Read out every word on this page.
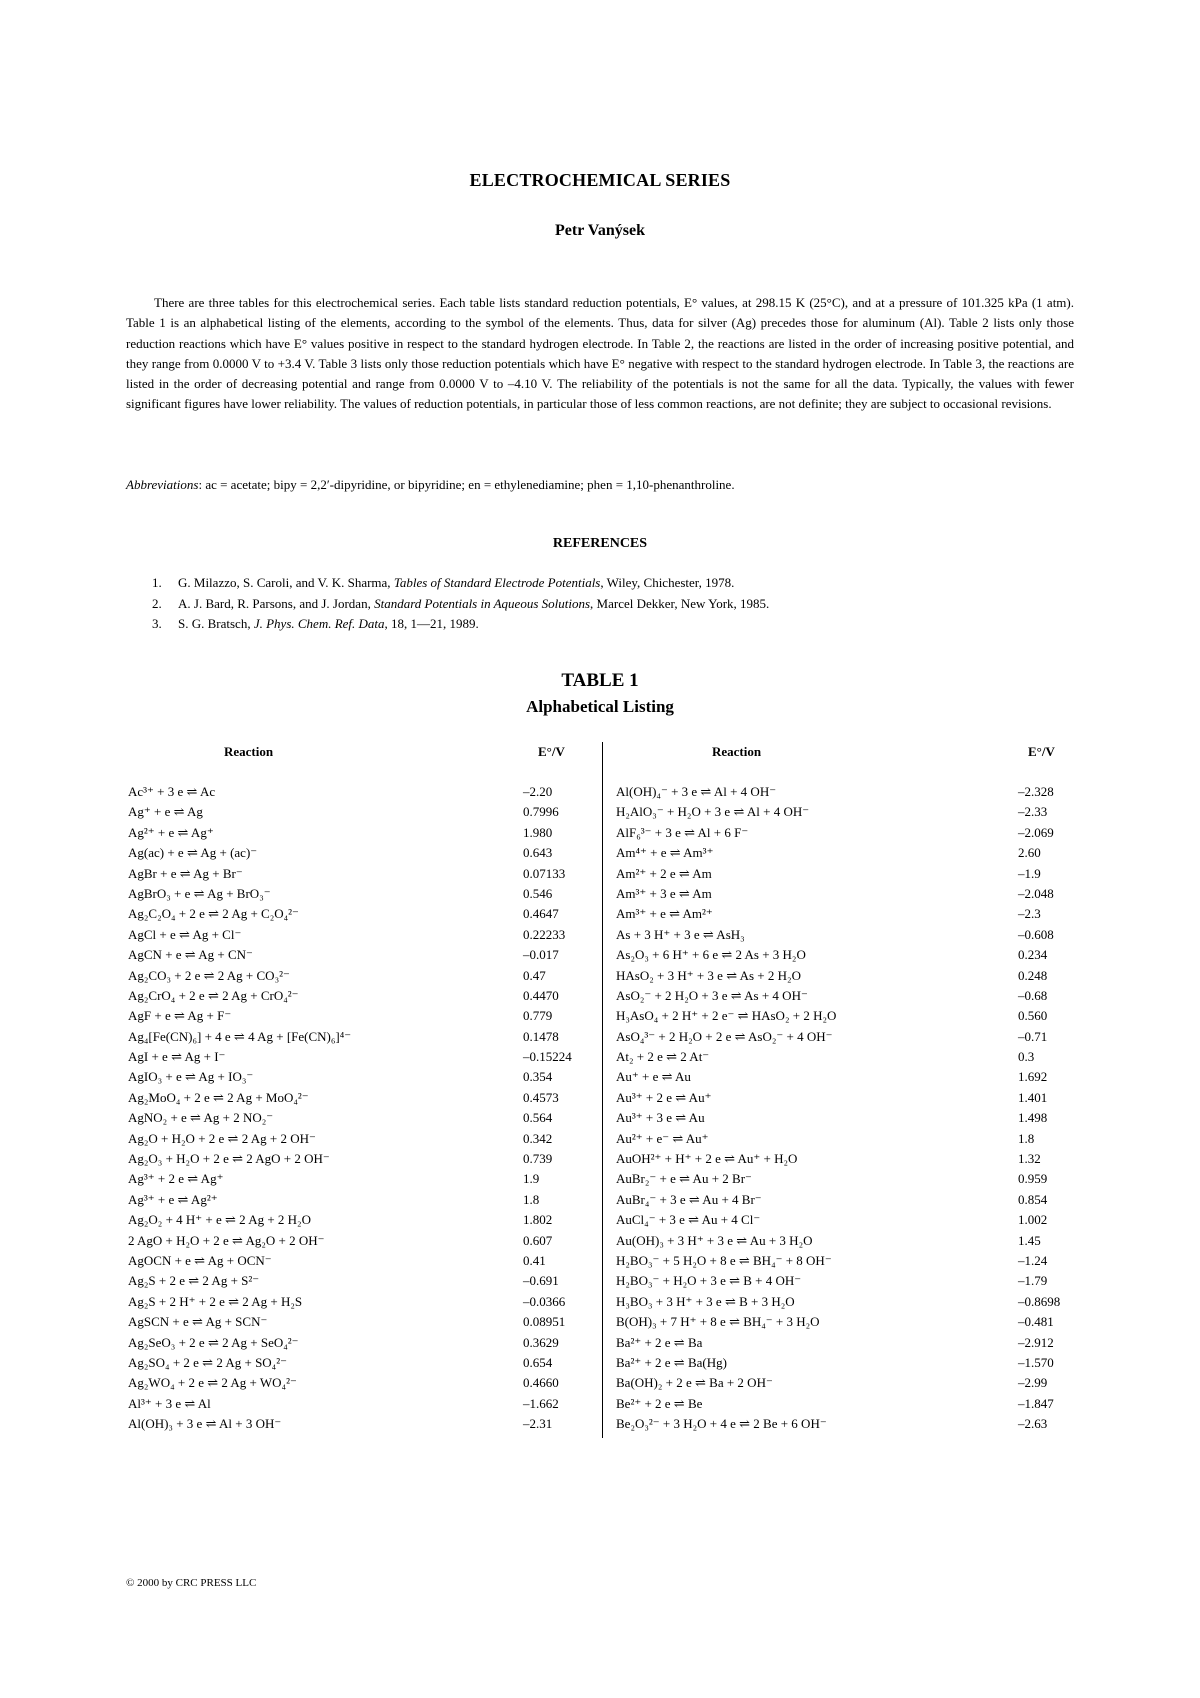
ELECTROCHEMICAL SERIES
Petr Vanýsek

There are three tables for this electrochemical series. Each table lists standard reduction potentials, E° values, at 298.15 K (25°C), and at a pressure of 101.325 kPa (1 atm). Table 1 is an alphabetical listing of the elements, according to the symbol of the elements. Thus, data for silver (Ag) precedes those for aluminum (Al). Table 2 lists only those reduction reactions which have E° values positive in respect to the standard hydrogen electrode. In Table 2, the reactions are listed in the order of increasing positive potential, and they range from 0.0000 V to +3.4 V. Table 3 lists only those reduction potentials which have E° negative with respect to the standard hydrogen electrode. In Table 3, the reactions are listed in the order of decreasing potential and range from 0.0000 V to –4.10 V. The reliability of the potentials is not the same for all the data. Typically, the values with fewer significant figures have lower reliability. The values of reduction potentials, in particular those of less common reactions, are not definite; they are subject to occasional revisions.

Abbreviations: ac = acetate; bipy = 2,2′-dipyridine, or bipyridine; en = ethylenediamine; phen = 1,10-phenanthroline.
REFERENCES
1. G. Milazzo, S. Caroli, and V. K. Sharma, Tables of Standard Electrode Potentials, Wiley, Chichester, 1978.
2. A. J. Bard, R. Parsons, and J. Jordan, Standard Potentials in Aqueous Solutions, Marcel Dekker, New York, 1985.
3. S. G. Bratsch, J. Phys. Chem. Ref. Data, 18, 1—21, 1989.
TABLE 1
Alphabetical Listing
Reaction	E°/V	Reaction	E°/V
Ac³⁺ + 3 e ⇌ Ac	–2.20
Ag⁺ + e ⇌ Ag	0.7996
Ag²⁺ + e ⇌ Ag⁺	1.980
Ag(ac) + e ⇌ Ag + (ac)⁻	0.643
AgBr + e ⇌ Ag + Br⁻	0.07133
AgBrO₃ + e ⇌ Ag + BrO₃⁻	0.546
Ag₂C₂O₄ + 2 e ⇌ 2 Ag + C₂O₄²⁻	0.4647
AgCl + e ⇌ Ag + Cl⁻	0.22233
AgCN + e ⇌ Ag + CN⁻	–0.017
Ag₂CO₃ + 2 e ⇌ 2 Ag + CO₃²⁻	0.47
Ag₂CrO₄ + 2 e ⇌ 2 Ag + CrO₄²⁻	0.4470
AgF + e ⇌ Ag + F⁻	0.779
Ag₄[Fe(CN)₆] + 4 e ⇌ 4 Ag + [Fe(CN)₆]⁴⁻	0.1478
AgI + e ⇌ Ag + I⁻	–0.15224
AgIO₃ + e ⇌ Ag + IO₃⁻	0.354
Ag₂MoO₄ + 2 e ⇌ 2 Ag + MoO₄²⁻	0.4573
AgNO₂ + e ⇌ Ag + 2 NO₂⁻	0.564
Ag₂O + H₂O + 2 e ⇌ 2 Ag + 2 OH⁻	0.342
Ag₂O₃ + H₂O + 2 e ⇌ 2 AgO + 2 OH⁻	0.739
Ag³⁺ + 2 e ⇌ Ag⁺	1.9
Ag³⁺ + e ⇌ Ag²⁺	1.8
Ag₂O₂ + 4 H⁺ + e ⇌ 2 Ag + 2 H₂O	1.802
2 AgO + H₂O + 2 e ⇌ Ag₂O + 2 OH⁻	0.607
AgOCN + e ⇌ Ag + OCN⁻	0.41
Ag₂S + 2 e ⇌ 2 Ag + S²⁻	–0.691
Ag₂S + 2 H⁺ + 2 e ⇌ 2 Ag + H₂S	–0.0366
AgSCN + e ⇌ Ag + SCN⁻	0.08951
Ag₂SeO₃ + 2 e ⇌ 2 Ag + SeO₄²⁻	0.3629
Ag₂SO₄ + 2 e ⇌ 2 Ag + SO₄²⁻	0.654
Ag₂WO₄ + 2 e ⇌ 2 Ag + WO₄²⁻	0.4660
Al³⁺ + 3 e ⇌ Al	–1.662
Al(OH)₃ + 3 e ⇌ Al + 3 OH⁻	–2.31
Al(OH)₄⁻ + 3 e ⇌ Al + 4 OH⁻	–2.328
H₂AlO₃⁻ + H₂O + 3 e ⇌ Al + 4 OH⁻	–2.33
AlF₆³⁻ + 3 e ⇌ Al + 6 F⁻	–2.069
Am⁴⁺ + e ⇌ Am³⁺	2.60
Am²⁺ + 2 e ⇌ Am	–1.9
Am³⁺ + 3 e ⇌ Am	–2.048
Am³⁺ + e ⇌ Am²⁺	–2.3
As + 3 H⁺ + 3 e ⇌ AsH₃	–0.608
As₂O₃ + 6 H⁺ + 6 e ⇌ 2 As + 3 H₂O	0.234
HAsO₂ + 3 H⁺ + 3 e ⇌ As + 2 H₂O	0.248
AsO₂⁻ + 2 H₂O + 3 e ⇌ As + 4 OH⁻	–0.68
H₃AsO₄ + 2 H⁺ + 2 e⁻ ⇌ HAsO₂ + 2 H₂O	0.560
AsO₄³⁻ + 2 H₂O + 2 e ⇌ AsO₂⁻ + 4 OH⁻	–0.71
At₂ + 2 e ⇌ 2 At⁻	0.3
Au⁺ + e ⇌ Au	1.692
Au³⁺ + 2 e ⇌ Au⁺	1.401
Au³⁺ + 3 e ⇌ Au	1.498
Au²⁺ + e⁻ ⇌ Au⁺	1.8
AuOH²⁺ + H⁺ + 2 e ⇌ Au⁺ + H₂O	1.32
AuBr₂⁻ + e ⇌ Au + 2 Br⁻	0.959
AuBr₄⁻ + 3 e ⇌ Au + 4 Br⁻	0.854
AuCl₄⁻ + 3 e ⇌ Au + 4 Cl⁻	1.002
Au(OH)₃ + 3 H⁺ + 3 e ⇌ Au + 3 H₂O	1.45
H₂BO₃⁻ + 5 H₂O + 8 e ⇌ BH₄⁻ + 8 OH⁻	–1.24
H₂BO₃⁻ + H₂O + 3 e ⇌ B + 4 OH⁻	–1.79
H₃BO₃ + 3 H⁺ + 3 e ⇌ B + 3 H₂O	–0.8698
B(OH)₃ + 7 H⁺ + 8 e ⇌ BH₄⁻ + 3 H₂O	–0.481
Ba²⁺ + 2 e ⇌ Ba	–2.912
Ba²⁺ + 2 e ⇌ Ba(Hg)	–1.570
Ba(OH)₂ + 2 e ⇌ Ba + 2 OH⁻	–2.99
Be²⁺ + 2 e ⇌ Be	–1.847
Be₂O₃²⁻ + 3 H₂O + 4 e ⇌ 2 Be + 6 OH⁻	–2.63
© 2000 by CRC PRESS LLC
